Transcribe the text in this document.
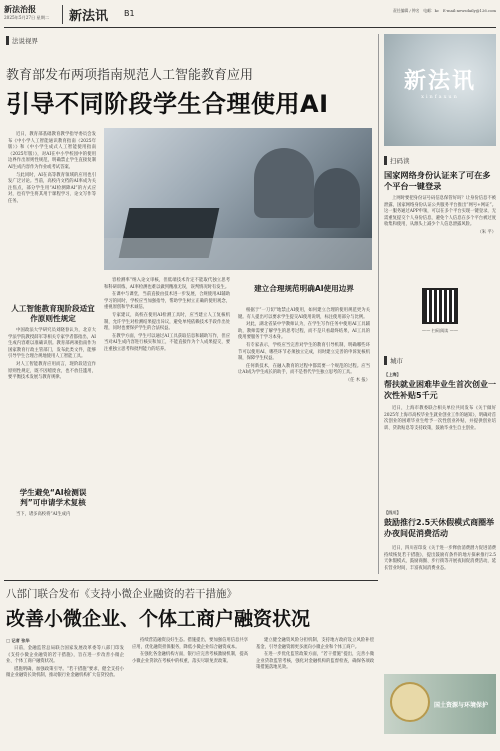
新法治报
2025年5月27日 星期二	新法讯 B1	责任编辑 / 钟名　电邮：kc　E-mail:newsdaily@126.com
法说视界
教育部发布两项指南规范人工智能教育应用
引导不同阶段学生合理使用AI

近日，教育部基础教育教学指导委员会发布《中小学人工智能通识教育指南（2025年版）》和《中小学生成式人工智能使用指南（2025年版）》，对AI在中小学校园中的使用边界作出原则性规范，明确禁止学生直接复制AI生成内容作为作业或考试答案。

与此同时，AI在高等教育领域的应用也引发广泛讨论。当前，高校内文档的AI率成为关注焦点，部分学生用“AI检测降AI”的方式应对，也有学生将其用于课程学习、论文写作等任务。

人工智能教育现阶段适宜作原则性规定

中国政法大学研究员刘晓春认为，北京大学法学院教授薛军等相关专家学者都指出，AI生成内容难以准确识别。教育部两项指南作为国家教育行政主管部门，发布此类文件，能够引导学生合理合规地使用人工智能工具。

对人工智能教育应用而言，现阶段适宜作原则性规定，既不因噎废食，也不放任滥用，要平衡技术发展与教育规律。

学生避免“AI检测误判”可申请学术复核

当下，诸多高校将“AI生成内

容检测率”纳入论文审核，但低端技术肯定不能取代独立思考和科研训练，AI率检测也难以做到精准无误，误判情况时有发生。

在课中与课堂，当前直接由技术进一步发展，合规使用AI辅助学习的同时，学校应当加强指导，帮助学生树立正确的使用观念，重视原创和学术诚信。

专家建议，高校在使用AI检测工具时，应当建立人工复核机制，允许学生对检测结果提出异议，避免单纯依赖技术手段作出处理，同时也要保护学生的合法权益。

在教学方面，学生可以通过AI工具获取信息和辅助写作，但应当对AI生成内容进行核实和加工，不能直接作为个人成果提交，要注重独立思考和批判能力的培养。

建立合理规范明确AI使用边界

根据于“一刀切”地禁止AI使用，如何建立合理的使用规范更为关键。有人提出可以要求学生提交AI使用说明，标注使用部分与比例。

对此，湖北省某中学教师认为，在学生写作任务中使用AI工具辅助，教师需要了解学生的思考过程，而不是只看最终结果，AI工具的使用要服务于学习本身。

有专家表示，学校应当完善对学生的教育引导机制，明确哪些环节可以使用AI、哪些环节必须独立完成，同时建立完善的申诉复核机制，保障学生权益。

任何新技术，在融入教育的过程中都需要一个规范的过程。应当让AI成为学生成长的助手，而不是替代学生独立思考的工具。

（任 木 报）
新法讯
xinfaxun
扫码读
国家网络身份认证来了可在多个平台一键登录

上网时要把身份证号码信息保管好吗？让身份信息不被泄露，国家网络身份认证公共服务平台推出“网号+网证”。这一服务通过APP申领，可以在多个平台实现一键登录，无需重复提交个人身份信息，避免个人信息在多个平台被过度收集和使用，从源头上减少个人信息泄露风险。

（朱 平）
—— 扫码阅读 ——
城市
【上海】
帮扶就业困难毕业生首次创业一次性补贴5千元

近日，上海市教委联合相关单位共同发布《关于做好2025年上海市高校毕业生就业创业工作的通知》，明确对首次创业的困难毕业生给予一次性创业补贴，并提供创业培训、贷款贴息等支持政策，鼓励毕业生自主创业。

【四川】
鼓励推行2.5天休假模式商圈举办夜间促消费活动

近日，四川省印发《关于进一步释放消费潜力促进消费持续恢复若干措施》，提出鼓励有条件的地方探索推行2.5天休假模式，鼓励商圈、步行街等开展夜间促消费活动，延长营业时间，丰富夜间消费业态。

国土资源与环境保护
八部门联合发布《支持小微企业融资的若干措施》
改善小微企业、个体工商户融资状况
□ 记者 张华

日前，金融监管总局联合国家发展改革委等八部门印发《支持小微企业融资的若干措施》，旨在进一步改善小微企业、个体工商户融资状况。

措施明确，加强政策引导。“若干措施”要求，健全支持小微企业融资长效机制，推动银行业金融机构扩大信贷投放。

持续营造融资良好生态。措施提出，要加强信用信息共享应用，优化融资担保服务，降低小微企业综合融资成本。

在强化各金融机构方面，银行应完善考核激励机制，提高小微企业贷款在考核中的权重，落实尽职免责政策。

建立健全融资风险分担机制，支持地方政府设立风险补偿基金，引导金融资源更多流向小微企业和个体工商户。

在进一步优化监管政策方面，“若干措施”提出，完善小微企业贷款监管考核，强化对金融机构的监督检查，确保各项政策措施落地见效。
